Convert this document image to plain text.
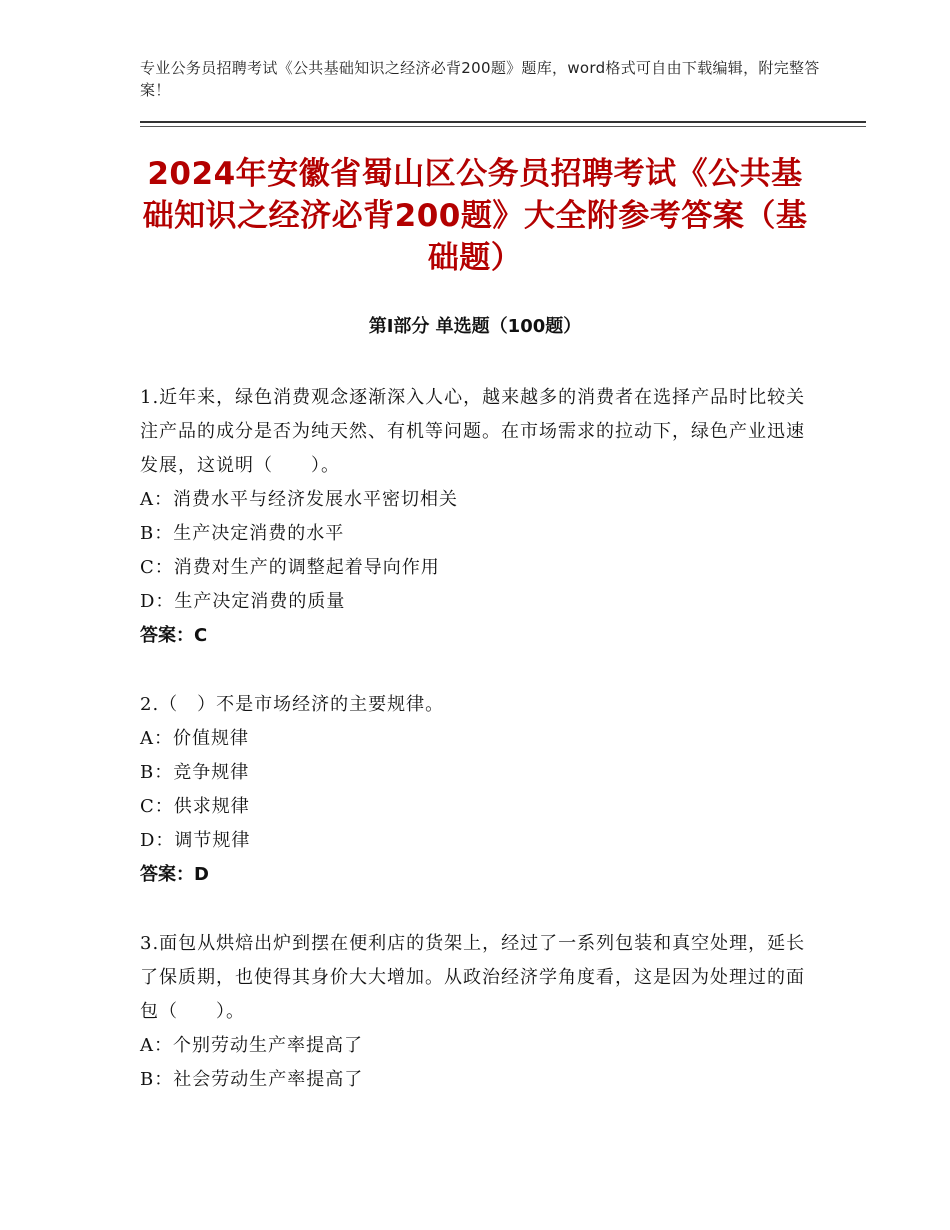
专业公务员招聘考试《公共基础知识之经济必背200题》题库，word格式可自由下载编辑，附完整答案！
2024年安徽省蜀山区公务员招聘考试《公共基础知识之经济必背200题》大全附参考答案（基础题）
第I部分 单选题（100题）
1.近年来，绿色消费观念逐渐深入人心，越来越多的消费者在选择产品时比较关注产品的成分是否为纯天然、有机等问题。在市场需求的拉动下，绿色产业迅速发展，这说明（　　）。
A：消费水平与经济发展水平密切相关
B：生产决定消费的水平
C：消费对生产的调整起着导向作用
D：生产决定消费的质量
答案：C
2.（　）不是市场经济的主要规律。
A：价值规律
B：竞争规律
C：供求规律
D：调节规律
答案：D
3.面包从烘焙出炉到摆在便利店的货架上，经过了一系列包装和真空处理，延长了保质期，也使得其身价大大增加。从政治经济学角度看，这是因为处理过的面包（　　）。
A：个别劳动生产率提高了
B：社会劳动生产率提高了
